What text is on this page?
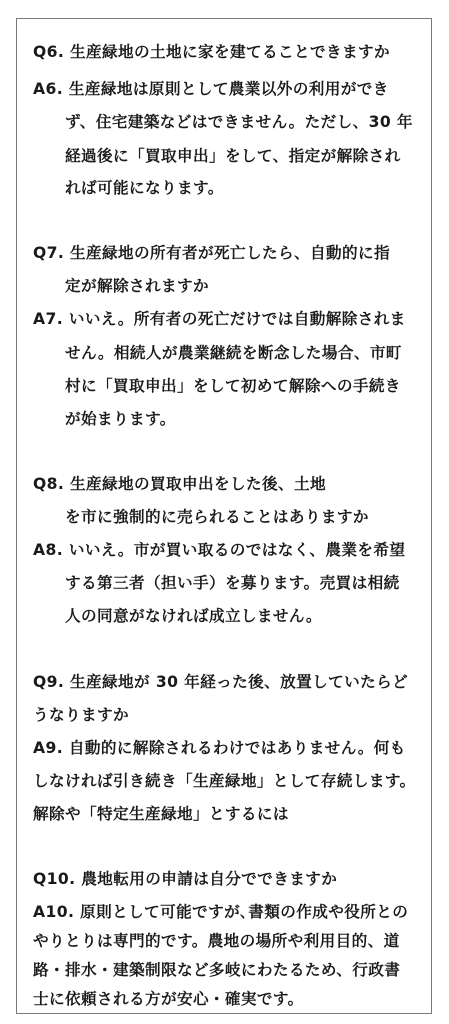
Q6. 生産緑地の土地に家を建てることできますか
A6. 生産緑地は原則として農業以外の利用ができ
ず、住宅建築などはできません。ただし、30 年
経過後に「買取申出」をして、指定が解除され
れば可能になります。
Q7. 生産緑地の所有者が死亡したら、自動的に指
定が解除されますか
A7. いいえ。所有者の死亡だけでは自動解除されま
せん。相続人が農業継続を断念した場合、市町
村に「買取申出」をして初めて解除への手続き
が始まります。
Q8. 生産緑地の買取申出をした後、土地
を市に強制的に売られることはありますか
A8. いいえ。市が買い取るのではなく、農業を希望
する第三者（担い手）を募ります。売買は相続
人の同意がなければ成立しません。
Q9. 生産緑地が 30 年経った後、放置していたらど
うなりますか
A9. 自動的に解除されるわけではありません。何も
しなければ引き続き「生産緑地」として存続します。
解除や「特定生産緑地」とするには
Q10. 農地転用の申請は自分でできますか
A10. 原則として可能ですが､書類の作成や役所との
やりとりは専門的です。農地の場所や利用目的、道
路・排水・建築制限など多岐にわたるため、行政書
士に依頼される方が安心・確実です。
